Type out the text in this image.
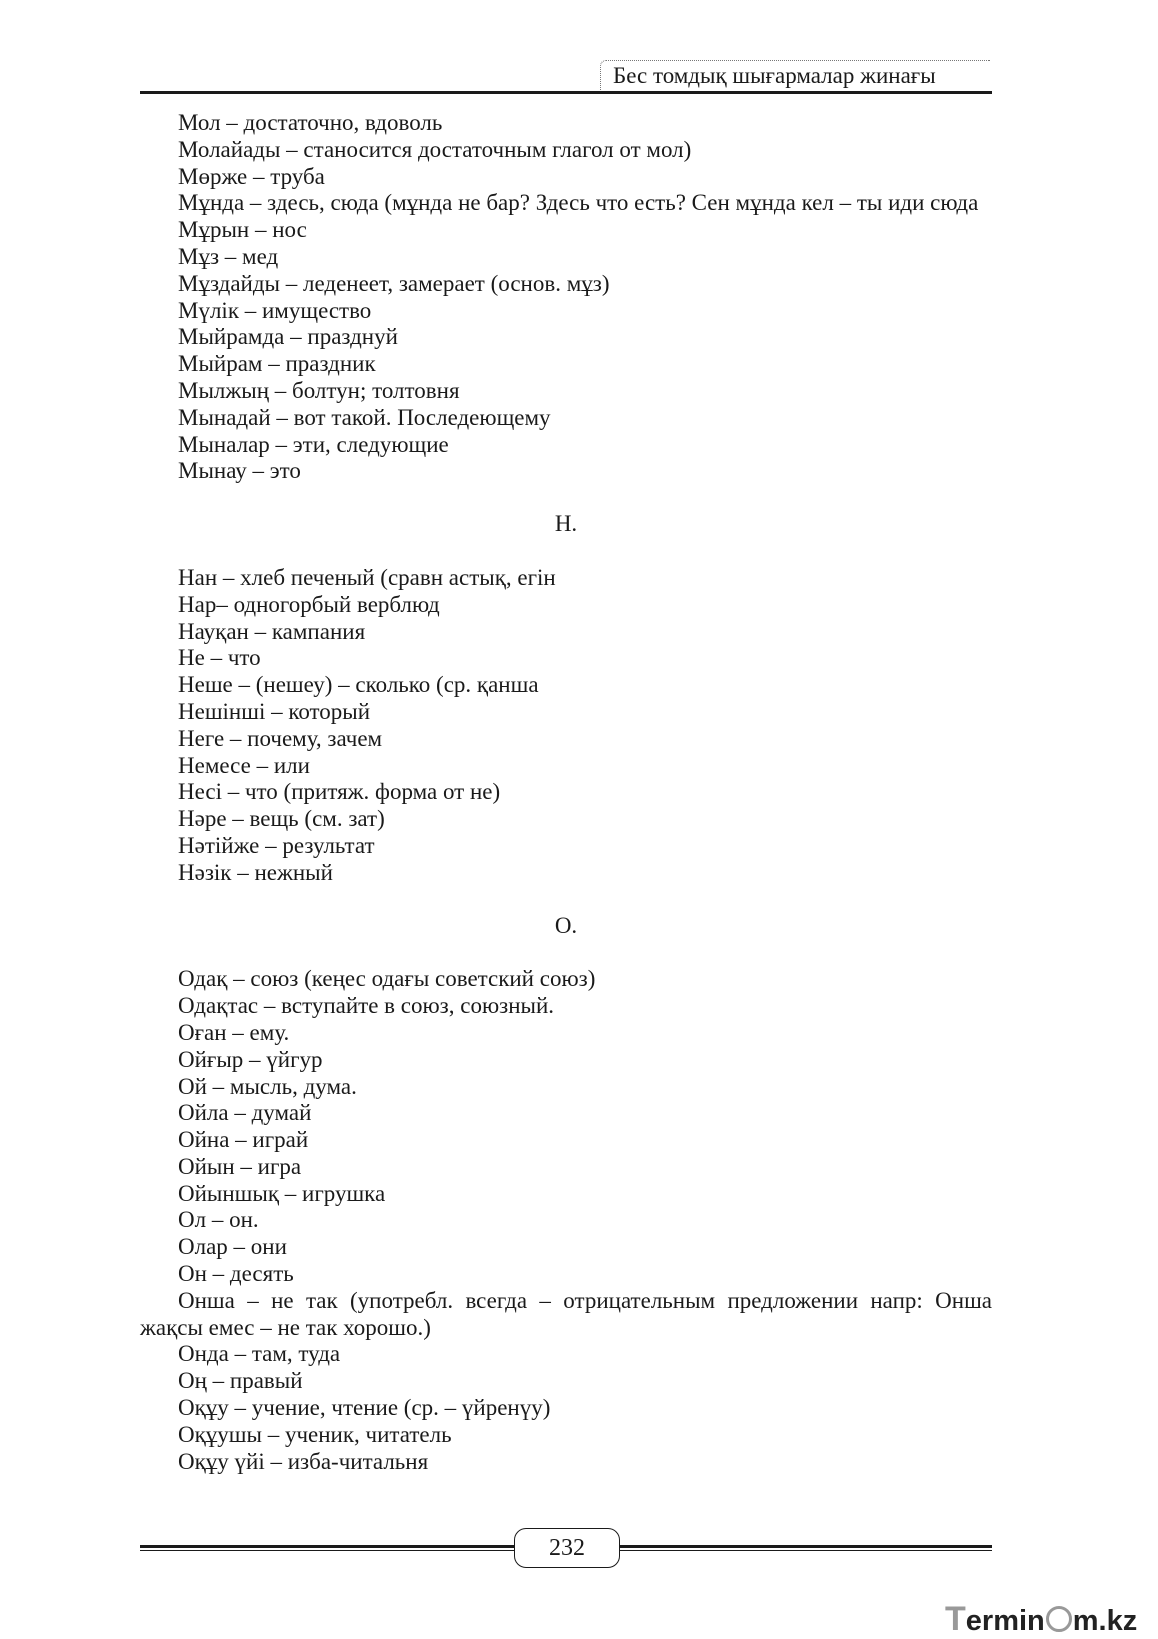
Бес томдық шығармалар жинағы

Мол – достаточно, вдоволь

Молайады – станосится достаточным глагол от мол)

Мөрже – труба

Мұнда – здесь, сюда (мұнда не бар? Здесь что есть? Сен мұнда кел – ты иди сюда

Мұрын – нос

Мұз – мед

Мұздайды – леденеет, замерает (основ. мұз)

Мүлік – имущество

Мыйрамда – празднуй

Мыйрам – праздник

Мылжың – болтун; толтовня

Мынадай – вот такой. Последеющему

Мыналар – эти, следующие

Мынау – это

Н.

Нан – хлеб печеный (сравн астық, егін

Нар– одногорбый верблюд

Науқан – кампания

Не – что

Неше – (нешеу) – сколько (ср. қанша

Нешінші – который

Неге – почему, зачем

Немесе – или

Несі – что (притяж. форма от не)

Нәре – вещь (см. зат)

Нәтійже – результат

Нәзік – нежный

О.

Одақ – союз (кеңес одағы советский союз)

Одақтас – вступайте в союз, союзный.

Оған – ему.

Ойғыр – үйгур

Ой – мысль, дума.

Ойла – думай

Ойна – играй

Ойын – игра

Ойыншық – игрушка

Ол – он.

Олар – они

Он – десять

Онша – не так (употребл. всегда – отрицательным предложении напр: Онша жақсы емес – не так хорошо.)

Онда – там, туда

Оң – правый

Оқұу – учение, чтение (ср. – үйренүу)

Оқұушы – ученик, читатель

Оқұу үйі – изба-читальня

232
Termin m.kz
